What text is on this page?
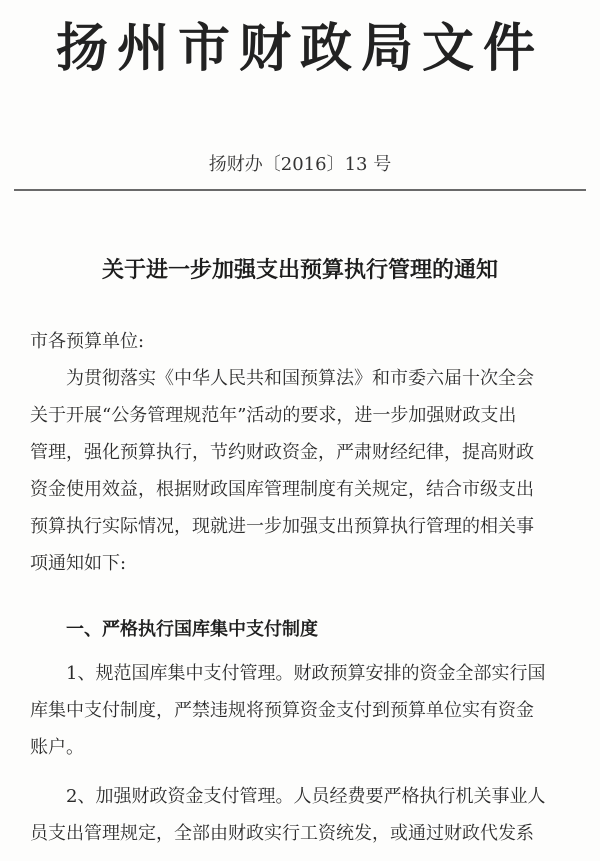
扬州市财政局文件
扬财办〔2016〕13 号
关于进一步加强支出预算执行管理的通知
市各预算单位:
为贯彻落实《中华人民共和国预算法》和市委六届十次全会
关于开展“公务管理规范年”活动的要求，进一步加强财政支出
管理，强化预算执行，节约财政资金，严肃财经纪律，提高财政
资金使用效益，根据财政国库管理制度有关规定，结合市级支出
预算执行实际情况，现就进一步加强支出预算执行管理的相关事
项通知如下:
一、严格执行国库集中支付制度
1、规范国库集中支付管理。财政预算安排的资金全部实行国
库集中支付制度，严禁违规将预算资金支付到预算单位实有资金
账户。
2、加强财政资金支付管理。人员经费要严格执行机关事业人
员支出管理规定，全部由财政实行工资统发，或通过财政代发系
